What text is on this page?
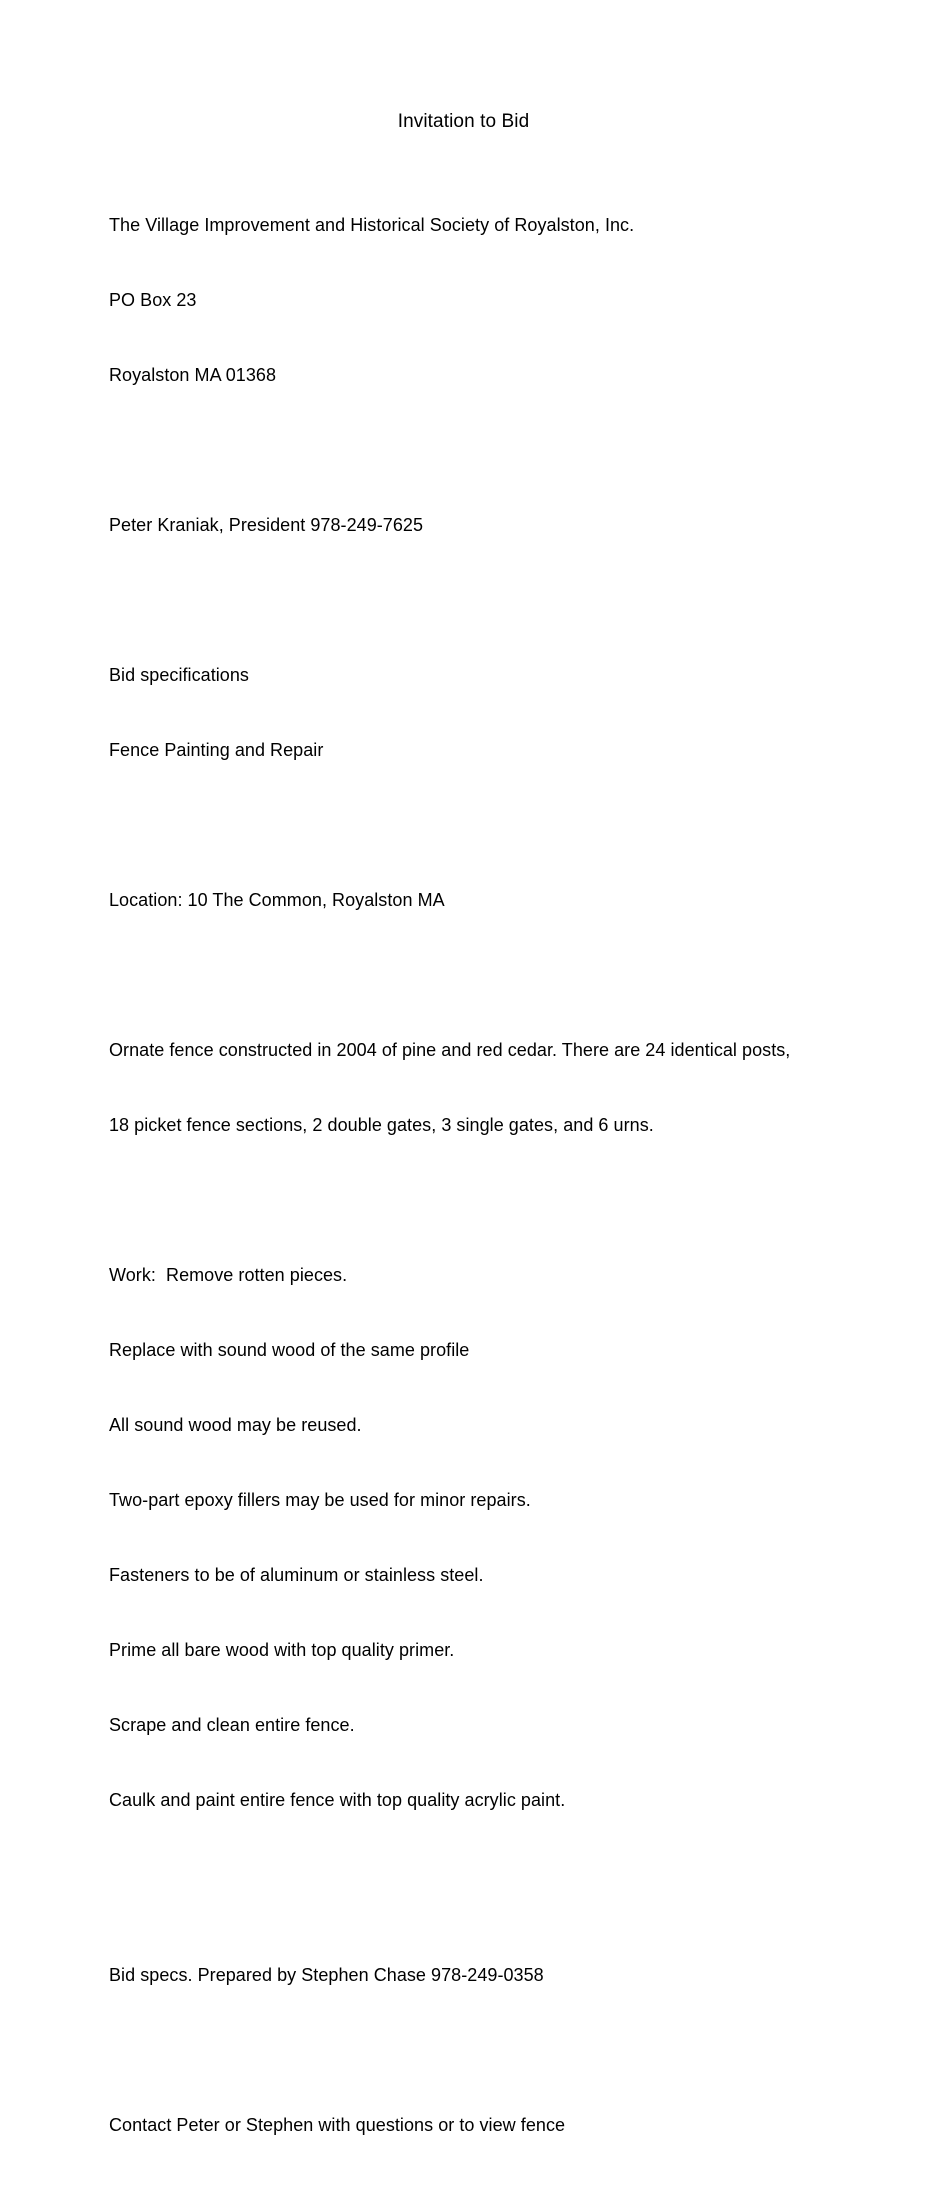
Invitation to Bid

The Village Improvement and Historical Society of Royalston, Inc.

PO Box 23

Royalston MA 01368

Peter Kraniak, President 978-249-7625

Bid specifications

Fence Painting and Repair

Location: 10 The Common, Royalston MA

Ornate fence constructed in 2004 of pine and red cedar. There are 24 identical posts,

18 picket fence sections, 2 double gates, 3 single gates, and 6 urns.

Work:  Remove rotten pieces.

Replace with sound wood of the same profile

All sound wood may be reused.

Two-part epoxy fillers may be used for minor repairs.

Fasteners to be of aluminum or stainless steel.

Prime all bare wood with top quality primer.

Scrape and clean entire fence.

Caulk and paint entire fence with top quality acrylic paint.

Bid specs. Prepared by Stephen Chase 978-249-0358

Contact Peter or Stephen with questions or to view fence
